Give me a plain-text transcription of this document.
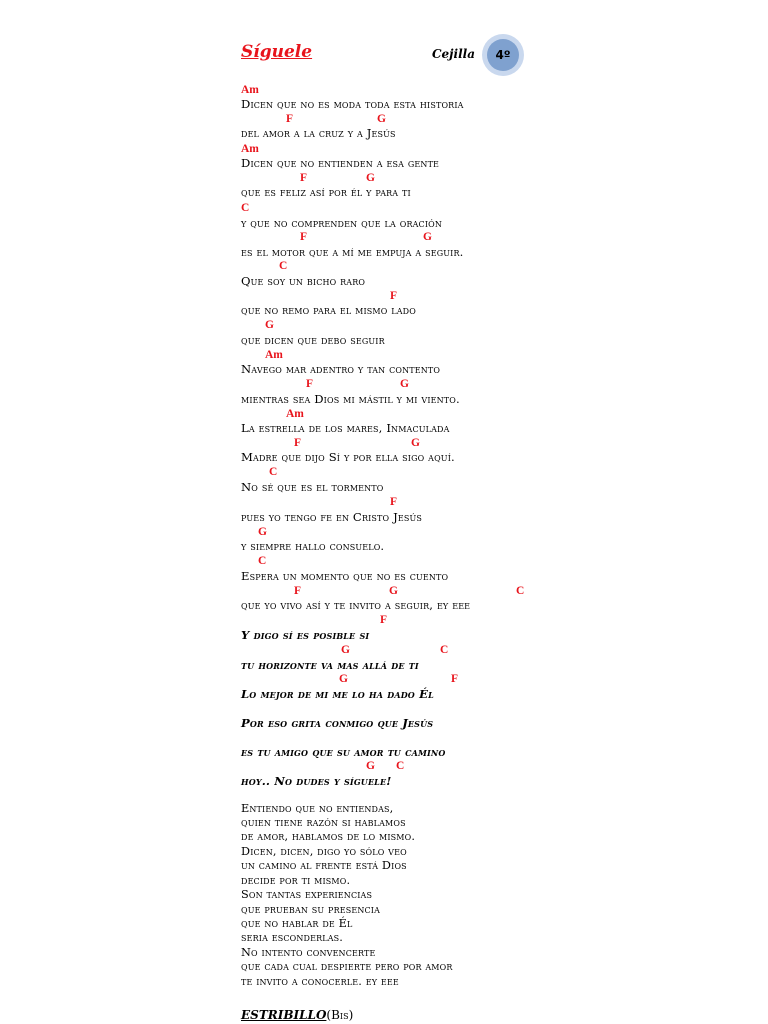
Síguele	Cejilla	4º
Am
Dicen que no es moda toda esta historia
F	G
del amor a la cruz y a Jesús
Am
Dicen que no entienden a esa gente
F	G
que es feliz así por él y para ti
C
y que no comprenden que la oración
F	G
es el motor que a mí me empuja a seguir.
C
Que soy un bicho raro
F
que no remo para el mismo lado
G
que dicen que debo seguir
Am
Navego mar adentro y tan contento
F	G
mientras sea Dios mi mástil y mi viento.
Am
La estrella de los mares, Inmaculada
F	G
Madre que dijo Sí y por ella sigo aquí.
C
No sé que es el tormento
F
pues yo tengo fe en Cristo Jesús
G
y siempre hallo consuelo.
C
Espera un momento que no es cuento
F	G	C
que yo vivo así y te invito a seguir, ey eee
F
Y digo sí es posible si
G	C
tu horizonte va mas allá de ti
G	F
Lo mejor de mi me lo ha dado Él
Por eso grita conmigo que Jesús
es tu amigo que su amor tu camino
G C
hoy.. No dudes y síguele!
Entiendo que no entiendas,
quien tiene razón si hablamos
de amor, hablamos de lo mismo.
Dicen, dicen, digo yo sólo veo
un camino al frente está Dios
decide por ti mismo.
Son tantas experiencias
que prueban su presencia
que no hablar de Él
seria esconderlas.
No intento convencerte
que cada cual despierte pero por amor
te invito a conocerle. ey eee
ESTRIBILLO(Bis)
